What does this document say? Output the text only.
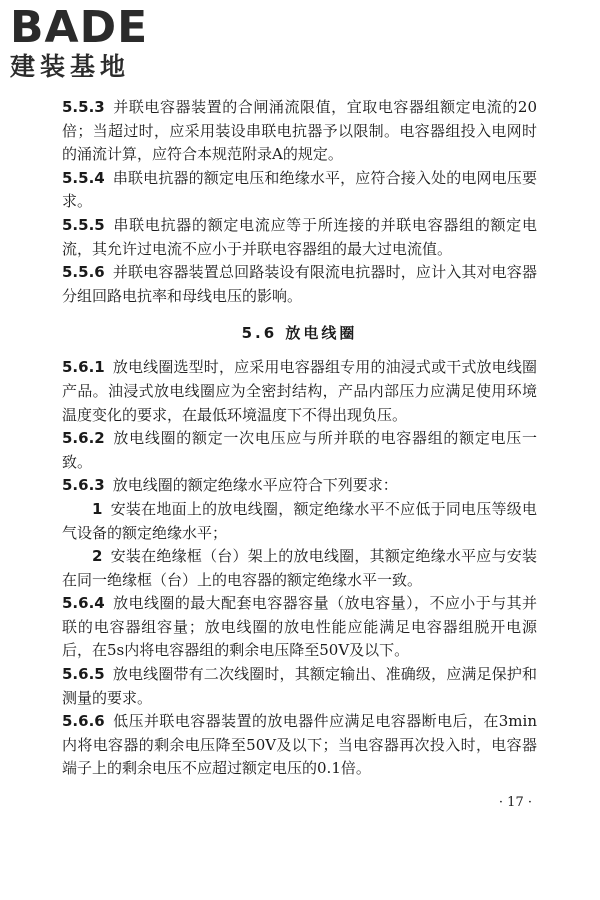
BADE
建装基地

5.5.3 并联电容器装置的合闸涌流限值，宜取电容器组额定电流的20倍；当超过时，应采用装设串联电抗器予以限制。电容器组投入电网时的涌流计算，应符合本规范附录A的规定。

5.5.4 串联电抗器的额定电压和绝缘水平，应符合接入处的电网电压要求。

5.5.5 串联电抗器的额定电流应等于所连接的并联电容器组的额定电流，其允许过电流不应小于并联电容器组的最大过电流值。

5.5.6 并联电容器装置总回路装设有限流电抗器时，应计入其对电容器分组回路电抗率和母线电压的影响。

5.6 放电线圈

5.6.1 放电线圈选型时，应采用电容器组专用的油浸式或干式放电线圈产品。油浸式放电线圈应为全密封结构，产品内部压力应满足使用环境温度变化的要求，在最低环境温度下不得出现负压。

5.6.2 放电线圈的额定一次电压应与所并联的电容器组的额定电压一致。

5.6.3 放电线圈的额定绝缘水平应符合下列要求：

1 安装在地面上的放电线圈，额定绝缘水平不应低于同电压等级电气设备的额定绝缘水平；

2 安装在绝缘框（台）架上的放电线圈，其额定绝缘水平应与安装在同一绝缘框（台）上的电容器的额定绝缘水平一致。

5.6.4 放电线圈的最大配套电容器容量（放电容量），不应小于与其并联的电容器组容量；放电线圈的放电性能应能满足电容器组脱开电源后，在5s内将电容器组的剩余电压降至50V及以下。

5.6.5 放电线圈带有二次线圈时，其额定输出、准确级，应满足保护和测量的要求。

5.6.6 低压并联电容器装置的放电器件应满足电容器断电后，在3min内将电容器的剩余电压降至50V及以下；当电容器再次投入时，电容器端子上的剩余电压不应超过额定电压的0.1倍。

· 17 ·
